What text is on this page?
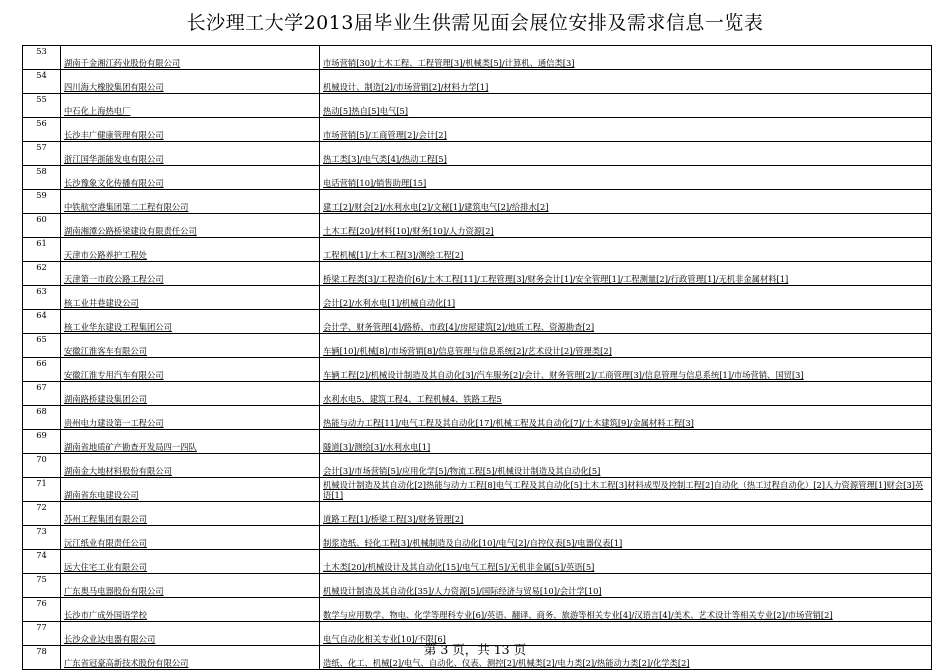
长沙理工大学2013届毕业生供需见面会展位安排及需求信息一览表
53	湖南千金湘江药业股份有限公司	市场营销[30]/土木工程、工程管理[3]/机械类[5]/计算机、通信类[3]

54	四川海大橡胶集团有限公司	机械设计、制造[2]/市场营销[2]/材料力学[1]

55	中石化上海热电厂	热动[5]热自[5]电气[5]

56	长沙丰广健康管理有限公司	市场营销[5]/工商管理[2]/会计[2]

57	浙江国华浙能发电有限公司	热工类[3]/电气类[4]/热动工程[5]

58	长沙豫象文化传播有限公司	电话营销[10]/销售助理[15]

59	中铁航空港集团第二工程有限公司	建工[2]/财会[2]/水利水电[2]/文秘[1]/建筑电气[2]/给排水[2]

60	湖南湘潭公路桥梁建设有限责任公司	土木工程[20]/材料[10]/财务[10]/人力资源[2]

61	天津市公路养护工程处	工程机械[1]/土木工程[3]/测绘工程[2]

62	天津第一市政公路工程公司	桥梁工程类[3]/工程造价[6]/土木工程[11]/工程管理[3]/财务会计[1]/安全管理[1]/工程测量[2]/行政管理[1]/无机非金属材料[1]

63	核工业井巷建设公司	会计[2]/水利水电[1]/机械自动化[1]

64	核工业华东建设工程集团公司	会计学、财务管理[4]/路桥、市政[4]/房屋建筑[2]/地质工程、资源勘查[2]

65	安徽江淮客车有限公司	车辆[10]/机械[8]/市场营销[8]/信息管理与信息系统[2]/艺术设计[2]/管理类[2]

66	安徽江淮专用汽车有限公司	车辆工程[2]/机械设计制造及其自动化[3]/汽车服务[2]/会计、财务管理[2]/工商管理[3]/信息管理与信息系统[1]/市场营销、国贸[3]

67	湖南路桥建设集团公司	水利水电5、建筑工程4、工程机械4、铁路工程5

68	贵州电力建设第一工程公司	热能与动力工程[11]/电气工程及其自动化[17]/机械工程及其自动化[7]/土木建筑[9]/金属材料工程[3]

69	湖南省地质矿产勘查开发局四一四队	隧道[3]/测绘[3]/水利水电[1]

70	湖南金大地材料股份有限公司	会计[3]/市场营销[5]/应用化学[5]/物流工程[5]/机械设计制造及其自动化[5]

71	湖南省东电建设公司	机械设计制造及其自动化[2]热能与动力工程[8]电气工程及其自动化[5]土木工程[3]材料成型及控制工程[2]自动化（热工过程自动化）[2]人力资源管理[1]财会[3]英语[1]

72	苏州工程集团有限公司	道路工程[1]/桥梁工程[3]/财务管理[2]

73	沅江纸业有限责任公司	制浆造纸、轻化工程[3]/机械制造及自动化[10]/电气[2]/自控仪表[5]/电器仪表[1]

74	远大住宅工业有限公司	土木类[20]/机械设计及其自动化[15]/电气工程[5]/无机非金属[5]/英语[5]

75	广东奥马电器股份有限公司	机械设计制造及其自动化[35]/人力资源[5]/国际经济与贸易[10]/会计学[10]

76	长沙市广成外国语学校	数学与应用数学、物电、化学等理科专业[6]/英语、翻译、商务、旅游等相关专业[4]/汉语言[4]/美术、艺术设计等相关专业[2]/市场营销[2]

77	长沙众业达电器有限公司	电气自动化相关专业[10]/不限[6]

78	广东省冠豪高新技术股份有限公司	造纸、化工、机械[2]/电气、自动化、仪表、测控[2]/机械类[2]/电力类[2]/热能动力类[2]/化学类[2]
第 3 页，共 13 页
